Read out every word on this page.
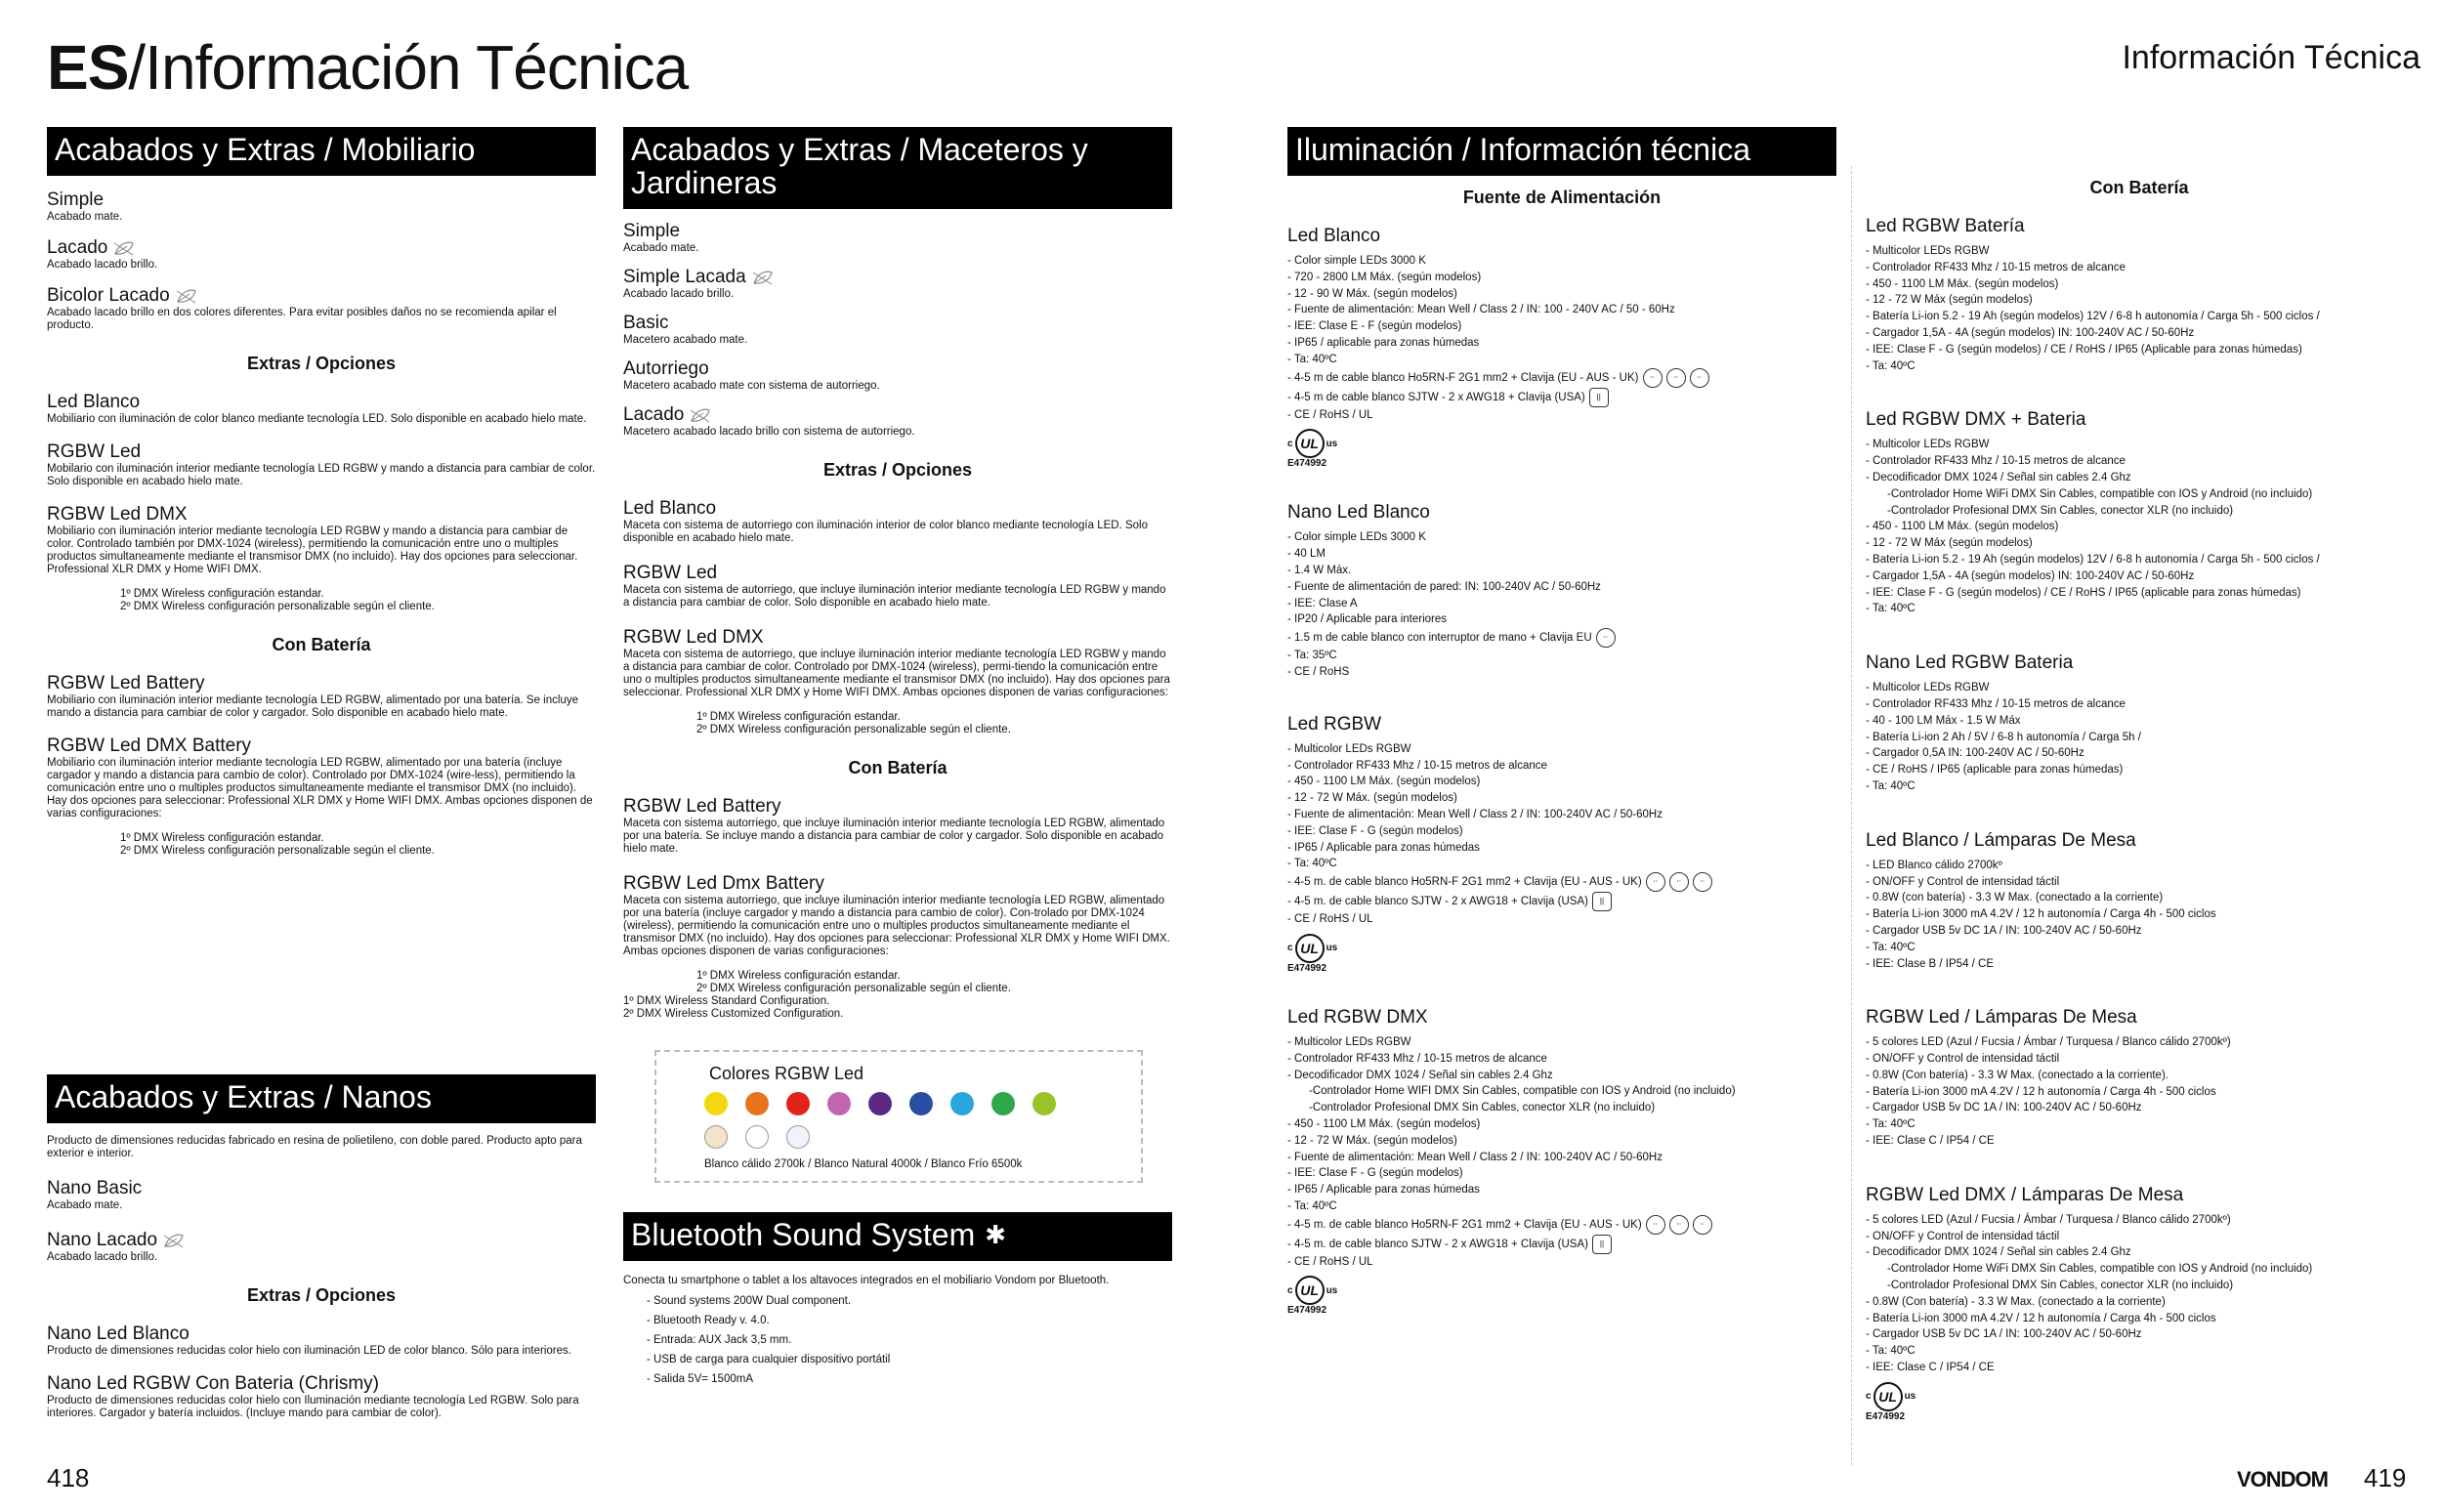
ES/Información Técnica	Información Técnica
Acabados y Extras / Mobiliario
Simple
Acabado mate.
Lacado
Acabado lacado brillo.
Bicolor Lacado
Acabado lacado brillo en dos colores diferentes. Para evitar posibles daños no se recomienda apilar el producto.
Extras / Opciones
Led Blanco
Mobiliario con iluminación de color blanco mediante tecnología LED. Solo disponible en acabado hielo mate.
RGBW Led
Mobilario con iluminación interior mediante tecnología LED RGBW y mando a distancia para cambiar de color. Solo disponible en acabado hielo mate.
RGBW Led DMX
Mobiliario con iluminación interior mediante tecnología LED RGBW y mando a distancia para cambiar de color. Controlado también por DMX-1024 (wireless), permitiendo la comunicación entre uno o multiples productos simultaneamente mediante el transmisor DMX (no incluido). Hay dos opciones para seleccionar. Professional XLR DMX y Home WIFI DMX.
1º DMX Wireless configuración estandar.
2º DMX Wireless configuración personalizable según el cliente.
Con Batería
RGBW Led Battery
Mobiliario con iluminación interior mediante tecnología LED RGBW, alimentado por una batería. Se incluye mando a distancia para cambiar de color y cargador. Solo disponible en acabado hielo mate.
RGBW Led DMX Battery
Mobiliario con iluminación interior mediante tecnología LED RGBW, alimentado por una batería (incluye cargador y mando a distancia para cambio de color). Controlado por DMX-1024 (wire-less), permitiendo la comunicación entre uno o multiples productos simultaneamente mediante el transmisor DMX (no incluido). Hay dos opciones para seleccionar: Professional XLR DMX y Home WIFI DMX. Ambas opciones disponen de varias configuraciones:
1º DMX Wireless configuración estandar.
2º DMX Wireless configuración personalizable según el cliente.
Acabados y Extras / Nanos
Producto de dimensiones reducidas fabricado en resina de polietileno, con doble pared. Producto apto para exterior e interior.
Nano Basic
Acabado mate.
Nano Lacado
Acabado lacado brillo.
Extras / Opciones
Nano Led Blanco
Producto de dimensiones reducidas color hielo con iluminación LED de color blanco. Sólo para interiores.
Nano Led RGBW Con Bateria (Chrismy)
Producto de dimensiones reducidas color hielo con Iluminación mediante tecnología Led RGBW. Solo para interiores. Cargador y batería incluidos. (Incluye mando para cambiar de color).
Acabados y Extras / Maceteros y Jardineras
Simple
Acabado mate.
Simple Lacada
Acabado lacado brillo.
Basic
Macetero acabado mate.
Autorriego
Macetero acabado mate con sistema de autorriego.
Lacado
Macetero acabado lacado brillo con sistema de autorriego.
Extras / Opciones
Led Blanco
Maceta con sistema de autorriego con iluminación interior de color blanco mediante tecnología LED. Solo disponible en acabado hielo mate.
RGBW Led
Maceta con sistema de autorriego, que incluye iluminación interior mediante tecnología LED RGBW y mando a distancia para cambiar de color. Solo disponible en acabado hielo mate.
RGBW Led DMX
Maceta con sistema de autorriego, que incluye iluminación interior mediante tecnología LED RGBW y mando a distancia para cambiar de color. Controlado por DMX-1024 (wireless), permi-tiendo la comunicación entre uno o multiples productos simultaneamente mediante el transmisor DMX (no incluido). Hay dos opciones para seleccionar. Professional XLR DMX y Home WIFI DMX. Ambas opciones disponen de varias configuraciones:
1º DMX Wireless configuración estandar.
2º DMX Wireless configuración personalizable según el cliente.
Con Batería
RGBW Led Battery
Maceta con sistema autorriego, que incluye iluminación interior mediante tecnología LED RGBW, alimentado por una batería. Se incluye mando a distancia para cambiar de color y cargador. Solo disponible en acabado hielo mate.
RGBW Led Dmx Battery
Maceta con sistema autorriego, que incluye iluminación interior mediante tecnología LED RGBW, alimentado por una batería (incluye cargador y mando a distancia para cambio de color). Con-trolado por DMX-1024 (wireless), permitiendo la comunicación entre uno o multiples productos simultaneamente mediante el transmisor DMX (no incluido). Hay dos opciones para seleccionar: Professional XLR DMX y Home WIFI DMX. Ambas opciones disponen de varias configuraciones:
1º DMX Wireless configuración estandar.
2º DMX Wireless configuración personalizable según el cliente.
1º DMX Wireless Standard Configuration.
2º DMX Wireless Customized Configuration.
Colores RGBW Led
Blanco cálido 2700k / Blanco Natural 4000k / Blanco Frío 6500k
Bluetooth Sound System ✱
Conecta tu smartphone o tablet a los altavoces integrados en el mobiliario Vondom por Bluetooth.
- Sound systems 200W Dual component.
- Bluetooth Ready v. 4.0.
- Entrada: AUX Jack 3,5 mm.
- USB de carga para cualquier dispositivo portátil
- Salida 5V= 1500mA
Iluminación / Información técnica
Fuente de Alimentación
Led Blanco
- Color simple LEDs 3000 K
- 720 - 2800 LM Máx. (según modelos)
- 12 - 90 W Máx. (según modelos)
- Fuente de alimentación: Mean Well / Class 2 / IN: 100 - 240V AC / 50 - 60Hz
- IEE: Clase E - F (según modelos)
- IP65 / aplicable para zonas húmedas
- Ta: 40ºC
- 4-5 m de cable blanco Ho5RN-F 2G1 mm2 + Clavija (EU - AUS - UK) ⋅⋅ ⋅⋅ ⋅⋅
- 4-5 m de cable blanco SJTW - 2 x AWG18 + Clavija (USA) ||
- CE / RoHS / UL
c UL us
E474992
Nano Led Blanco
- Color simple LEDs 3000 K
- 40 LM
- 1.4 W Máx.
- Fuente de alimentación de pared: IN: 100-240V AC / 50-60Hz
- IEE: Clase A
- IP20 / Aplicable para interiores
- 1.5 m de cable blanco con interruptor de mano + Clavija EU ⋅⋅
- Ta: 35ºC
- CE / RoHS
Led RGBW
- Multicolor LEDs RGBW
- Controlador RF433 Mhz / 10-15 metros de alcance
- 450 - 1100 LM Máx. (según modelos)
- 12 - 72 W Máx. (según modelos)
- Fuente de alimentación: Mean Well / Class 2 / IN: 100-240V AC / 50-60Hz
- IEE: Clase F - G (según modelos)
- IP65 / Aplicable para zonas húmedas
- Ta: 40ºC
- 4-5 m. de cable blanco Ho5RN-F 2G1 mm2 + Clavija (EU - AUS - UK) ⋅⋅ ⋅⋅ ⋅⋅
- 4-5 m. de cable blanco SJTW - 2 x AWG18 + Clavija (USA) ||
- CE / RoHS / UL
c UL us
E474992
Led RGBW DMX
- Multicolor LEDs RGBW
- Controlador RF433 Mhz / 10-15 metros de alcance
- Decodificador DMX 1024 / Señal sin cables 2.4 Ghz
-Controlador Home WIFI DMX Sin Cables, compatible con IOS y Android (no incluido)
-Controlador Profesional DMX Sin Cables, conector XLR (no incluido)
- 450 - 1100 LM Máx. (según modelos)
- 12 - 72 W Máx. (según modelos)
- Fuente de alimentación: Mean Well / Class 2 / IN: 100-240V AC / 50-60Hz
- IEE: Clase F - G (según modelos)
- IP65 / Aplicable para zonas húmedas
- Ta: 40ºC
- 4-5 m. de cable blanco Ho5RN-F 2G1 mm2 + Clavija (EU - AUS - UK) ⋅⋅ ⋅⋅ ⋅⋅
- 4-5 m. de cable blanco SJTW - 2 x AWG18 + Clavija (USA) ||
- CE / RoHS / UL
c UL us
E474992
Con Batería
Led RGBW Batería
- Multicolor LEDs RGBW
- Controlador RF433 Mhz / 10-15 metros de alcance
- 450 - 1100 LM Máx. (según modelos)
- 12 - 72 W Máx (según modelos)
- Batería Li-ion 5.2 - 19 Ah (según modelos) 12V / 6-8 h autonomía / Carga 5h - 500 ciclos /
- Cargador 1,5A - 4A (según modelos) IN: 100-240V AC / 50-60Hz
- IEE: Clase F - G (según modelos) / CE / RoHS / IP65 (Aplicable para zonas húmedas)
- Ta: 40ºC
Led RGBW DMX + Bateria
- Multicolor LEDs RGBW
- Controlador RF433 Mhz / 10-15 metros de alcance
- Decodificador DMX 1024 / Señal sin cables 2.4 Ghz
-Controlador Home WiFi DMX Sin Cables, compatible con IOS y Android (no incluido)
-Controlador Profesional DMX Sin Cables, conector XLR (no incluido)
- 450 - 1100 LM Máx. (según modelos)
- 12 - 72 W Máx (según modelos)
- Batería Li-ion 5.2 - 19 Ah (según modelos) 12V / 6-8 h autonomía / Carga 5h - 500 ciclos /
- Cargador 1,5A - 4A (según modelos) IN: 100-240V AC / 50-60Hz
- IEE: Clase F - G (según modelos) / CE / RoHS / IP65 (aplicable para zonas húmedas)
- Ta: 40ºC
Nano Led RGBW Bateria
- Multicolor LEDs RGBW
- Controlador RF433 Mhz / 10-15 metros de alcance
- 40 - 100 LM Máx - 1.5 W Máx
- Batería Li-ion 2 Ah / 5V / 6-8 h autonomía / Carga 5h /
- Cargador 0,5A IN: 100-240V AC / 50-60Hz
- CE / RoHS / IP65 (aplicable para zonas húmedas)
- Ta: 40ºC
Led Blanco / Lámparas De Mesa
- LED Blanco cálido 2700kº
- ON/OFF y Control de intensidad táctil
- 0.8W (con batería) - 3.3 W Max. (conectado a la corriente)
- Batería Li-ion 3000 mA 4.2V / 12 h autonomía / Carga 4h - 500 ciclos
- Cargador USB 5v DC 1A / IN: 100-240V AC / 50-60Hz
- Ta: 40ºC
- IEE: Clase B / IP54 / CE
RGBW Led / Lámparas De Mesa
- 5 colores LED (Azul / Fucsia / Ámbar / Turquesa / Blanco cálido 2700kº)
- ON/OFF y Control de intensidad táctil
- 0.8W (Con batería) - 3.3 W Max. (conectado a la corriente).
- Batería Li-ion 3000 mA 4.2V / 12 h autonomía / Carga 4h - 500 ciclos
- Cargador USB 5v DC 1A / IN: 100-240V AC / 50-60Hz
- Ta: 40ºC
- IEE: Clase C / IP54 / CE
RGBW Led DMX / Lámparas De Mesa
- 5 colores LED (Azul / Fucsia / Ámbar / Turquesa / Blanco cálido 2700kº)
- ON/OFF y Control de intensidad táctil
- Decodificador DMX 1024 / Señal sin cables 2.4 Ghz
-Controlador Home WiFi DMX Sin Cables, compatible con IOS y Android (no incluido)
-Controlador Profesional DMX Sin Cables, conector XLR (no incluido)
- 0.8W (Con batería) - 3.3 W Max. (conectado a la corriente)
- Batería Li-ion 3000 mA 4.2V / 12 h autonomía / Carga 4h - 500 ciclos
- Cargador USB 5v DC 1A / IN: 100-240V AC / 50-60Hz
- Ta: 40ºC
- IEE: Clase C / IP54 / CE
c UL us
E474992
418	VONDOM 419
